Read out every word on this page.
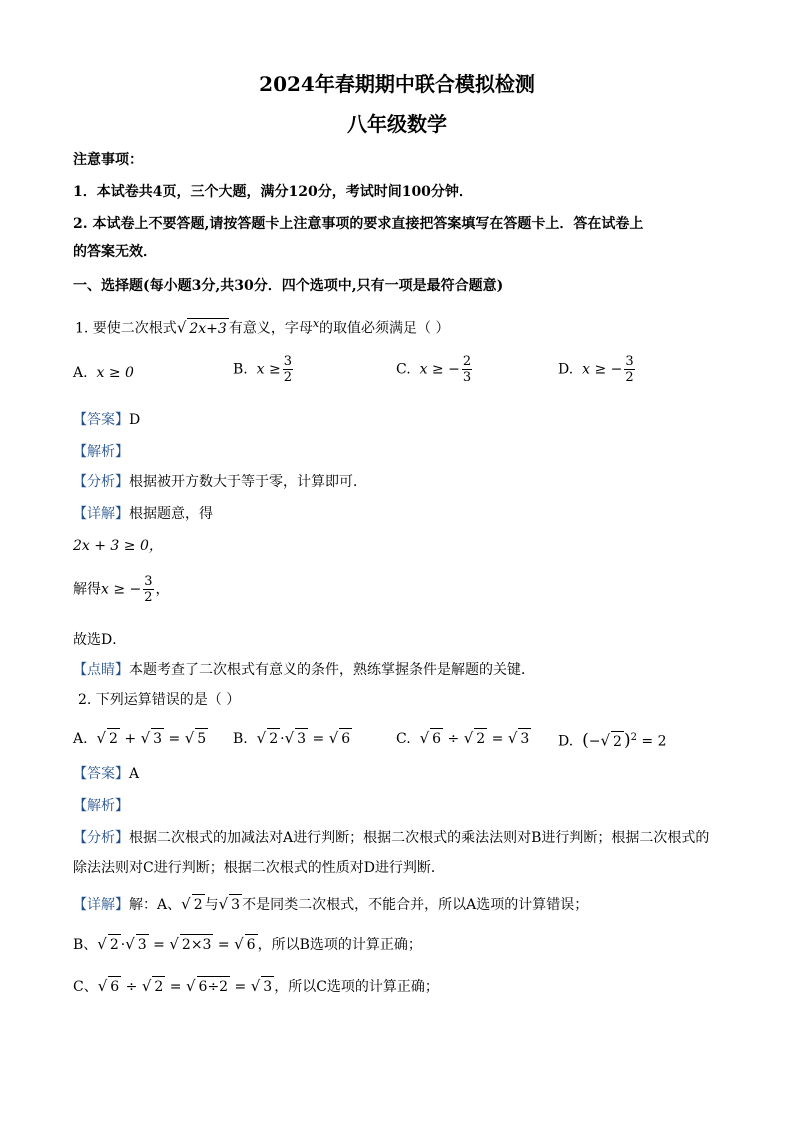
2024年春期期中联合模拟检测
八年级数学
注意事项：
1．本试卷共4页，三个大题，满分120分，考试时间100分钟．
2. 本试卷上不要答题,请按答题卡上注意事项的要求直接把答案填写在答题卡上．答在试卷上
的答案无效．
一、选择题(每小题3分,共30分．四个选项中,只有一项是最符合题意)
1. 要使二次根式√ 2x+3 有意义，字母$^x$的取值必须满足（ ）
A. x ≥ 0	B. $x \ge \frac{3}{2}$	C. x ≥ − $\frac{2}{3}$	D. x ≥ − $\frac{3}{2}$
【答案】D
【解析】
【分析】根据被开方数大于等于零，计算即可．
【详解】根据题意，得
2x + 3 ≥ 0，
解得x ≥ − $\frac{3}{2}$ ，
故选D．
【点睛】本题考查了二次根式有意义的条件，熟练掌握条件是解题的关键．
2. 下列运算错误的是（ ）
A. √ 2 + √ 3 = √ 5 B. √ 2 ·√ 3 = √ 6	C. √ 6 ÷ √ 2 = √ 3 D. (−√ 2 )$^2$ = 2
【答案】A
【解析】
【分析】根据二次根式的加减法对A进行判断；根据二次根式的乘法法则对B进行判断；根据二次根式的
除法法则对C进行判断；根据二次根式的性质对D进行判断．
【详解】解：A、√ 2 与√ 3 不是同类二次根式，不能合并，所以A选项的计算错误；
B、√ 2 ·√ 3 = √ 2×3 = √ 6 ，所以B选项的计算正确；
C、√ 6 ÷ √ 2 = √ 6÷2 = √ 3 ，所以C选项的计算正确；
